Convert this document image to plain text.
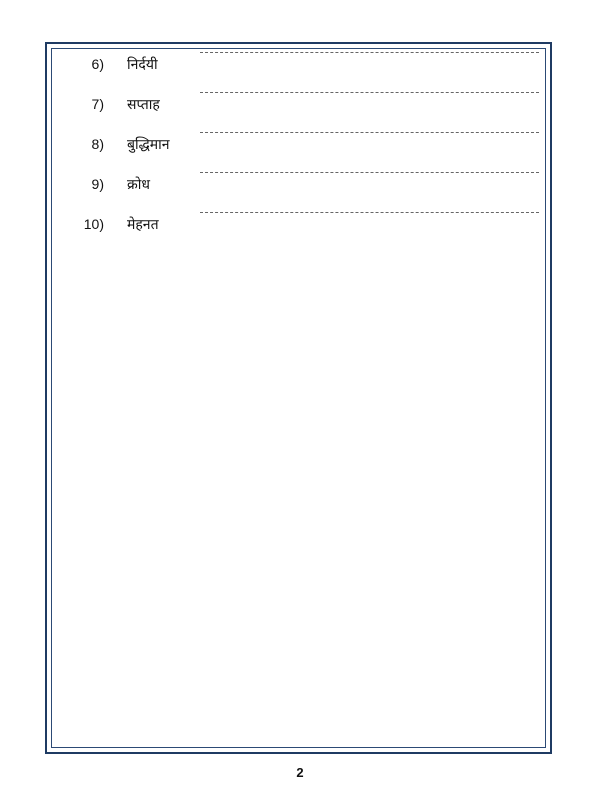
6) निर्दयी
7) सप्ताह
8) बुद्धिमान
9) क्रोध
10) मेहनत
2
